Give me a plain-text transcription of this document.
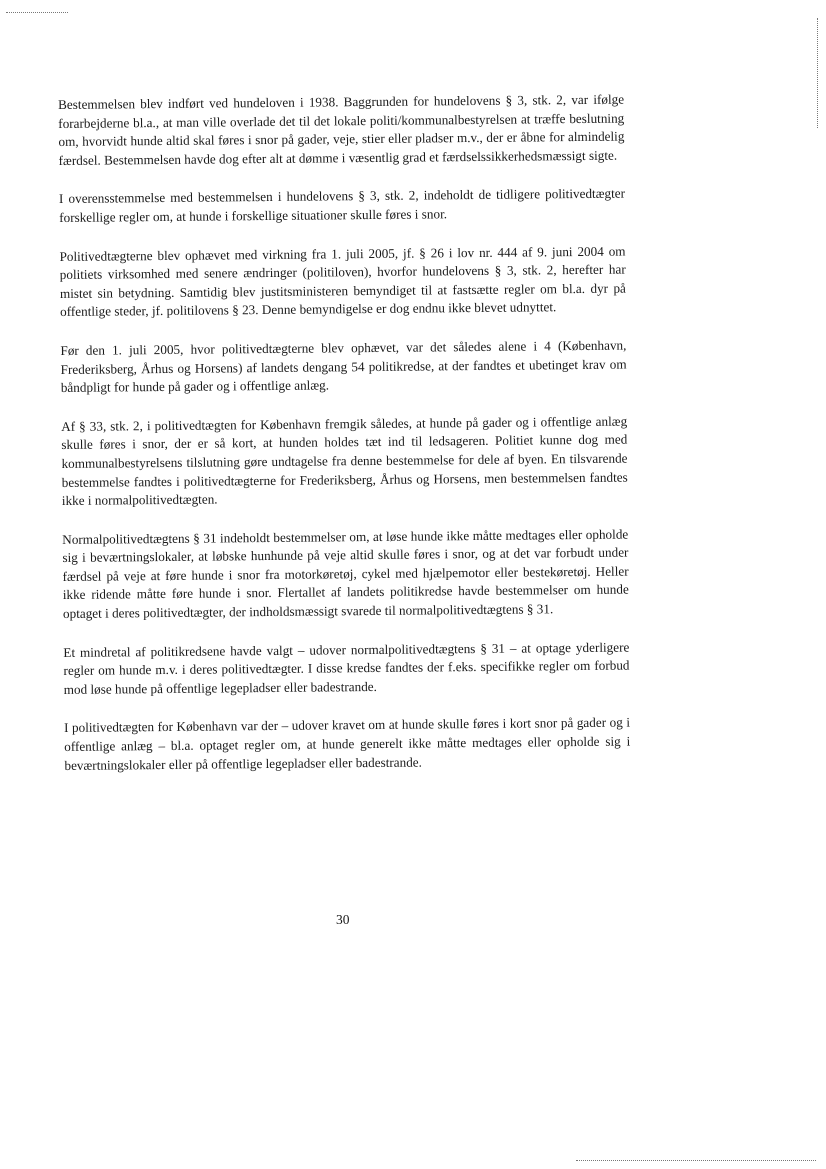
Bestemmelsen blev indført ved hundeloven i 1938. Baggrunden for hundelovens § 3, stk. 2, var ifølge forarbejderne bl.a., at man ville overlade det til det lokale politi/kommunalbestyrelsen at træffe beslutning om, hvorvidt hunde altid skal føres i snor på gader, veje, stier eller pladser m.v., der er åbne for almindelig færdsel. Bestemmelsen havde dog efter alt at dømme i væsentlig grad et færdselssikkerhedsmæssigt sigte.

I overensstemmelse med bestemmelsen i hundelovens § 3, stk. 2, indeholdt de tidligere politivedtægter forskellige regler om, at hunde i forskellige situationer skulle føres i snor.

Politivedtægterne blev ophævet med virkning fra 1. juli 2005, jf. § 26 i lov nr. 444 af 9. juni 2004 om politiets virksomhed med senere ændringer (politiloven), hvorfor hundelovens § 3, stk. 2, herefter har mistet sin betydning. Samtidig blev justitsministeren bemyndiget til at fastsætte regler om bl.a. dyr på offentlige steder, jf. politilovens § 23. Denne bemyndigelse er dog endnu ikke blevet udnyttet.

Før den 1. juli 2005, hvor politivedtægterne blev ophævet, var det således alene i 4 (København, Frederiksberg, Århus og Horsens) af landets dengang 54 politikredse, at der fandtes et ubetinget krav om båndpligt for hunde på gader og i offentlige anlæg.

Af § 33, stk. 2, i politivedtægten for København fremgik således, at hunde på gader og i offentlige anlæg skulle føres i snor, der er så kort, at hunden holdes tæt ind til ledsageren. Politiet kunne dog med kommunalbestyrelsens tilslutning gøre undtagelse fra denne bestemmelse for dele af byen. En tilsvarende bestemmelse fandtes i politivedtægterne for Frederiksberg, Århus og Horsens, men bestemmelsen fandtes ikke i normalpolitivedtægten.

Normalpolitivedtægtens § 31 indeholdt bestemmelser om, at løse hunde ikke måtte medtages eller opholde sig i beværtningslokaler, at løbske hunhunde på veje altid skulle føres i snor, og at det var forbudt under færdsel på veje at føre hunde i snor fra motorkøretøj, cykel med hjælpemotor eller bestekøretøj. Heller ikke ridende måtte føre hunde i snor. Flertallet af landets politikredse havde bestemmelser om hunde optaget i deres politivedtægter, der indholdsmæssigt svarede til normalpolitivedtægtens § 31.

Et mindretal af politikredsene havde valgt – udover normalpolitivedtægtens § 31 – at optage yderligere regler om hunde m.v. i deres politivedtægter. I disse kredse fandtes der f.eks. specifikke regler om forbud mod løse hunde på offentlige legepladser eller badestrande.

I politivedtægten for København var der – udover kravet om at hunde skulle føres i kort snor på gader og i offentlige anlæg – bl.a. optaget regler om, at hunde generelt ikke måtte medtages eller opholde sig i beværtningslokaler eller på offentlige legepladser eller badestrande.

30
